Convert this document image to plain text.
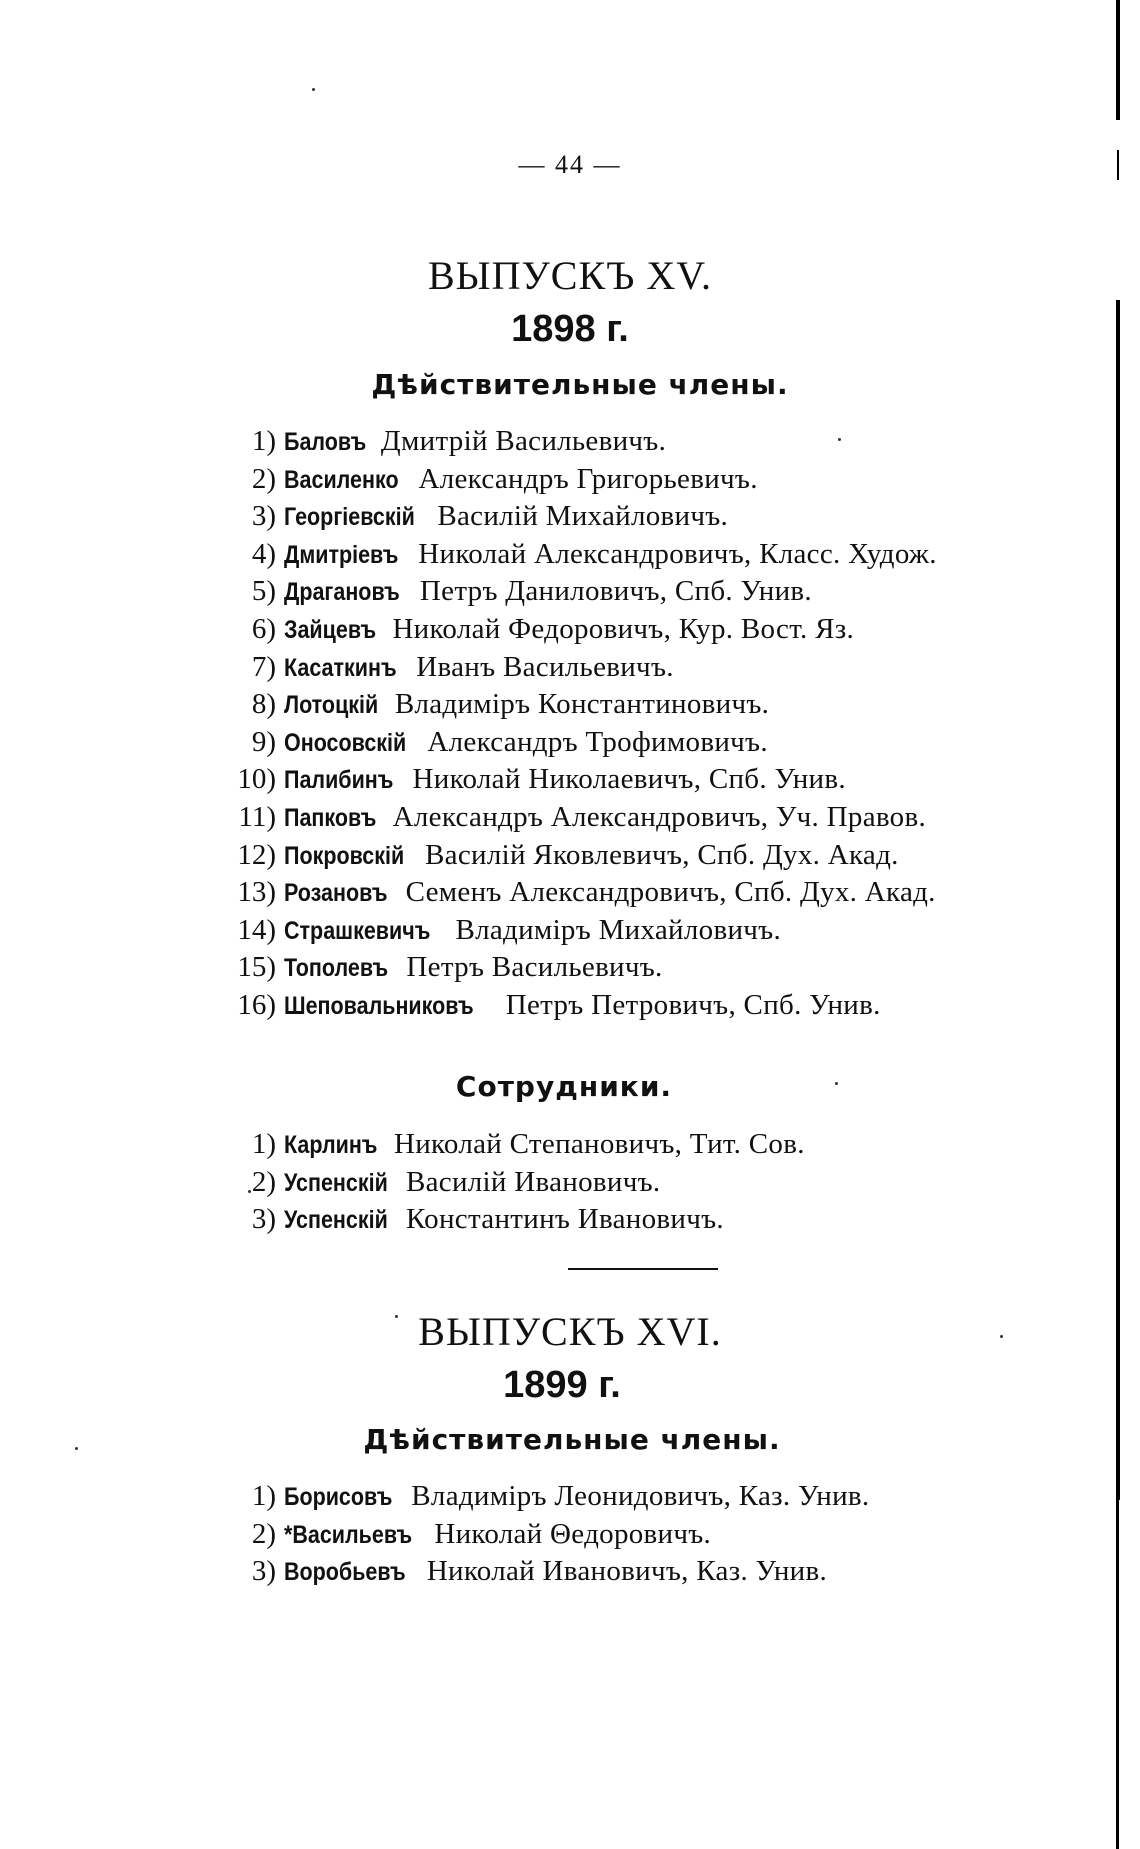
— 44 —
ВЫПУСКЪ XV.
1898 г.
Дѣйствительные члены.
1) Баловъ Дмитрій Васильевичъ.
2) Василенко Александръ Григорьевичъ.
3) Георгіевскій Василій Михайловичъ.
4) Дмитріевъ Николай Александровичъ, Класс. Худож.
5) Драгановъ Петръ Даниловичъ, Спб. Унив.
6) Зайцевъ Николай Федоровичъ, Кур. Вост. Яз.
7) Касаткинъ Иванъ Васильевичъ.
8) Лотоцкій Владиміръ Константиновичъ.
9) Оносовскій Александръ Трофимовичъ.
10) Палибинъ Николай Николаевичъ, Спб. Унив.
11) Папковъ Александръ Александровичъ, Уч. Правов.
12) Покровскій Василій Яковлевичъ, Спб. Дух. Акад.
13) Розановъ Семенъ Александровичъ, Спб. Дух. Акад.
14) Страшкевичъ Владиміръ Михайловичъ.
15) Тополевъ Петръ Васильевичъ.
16) Шеповальниковъ Петръ Петровичъ, Спб. Унив.
Сотрудники.
1) Карлинъ Николай Степановичъ, Тит. Сов.
2) Успенскій Василій Ивановичъ.
3) Успенскій Константинъ Ивановичъ.
ВЫПУСКЪ XVI.
1899 г.
Дѣйствительные члены.
1) Борисовъ Владиміръ Леонидовичъ, Каз. Унив.
2) *Васильевъ Николай Θедоровичъ.
3) Воробьевъ Николай Ивановичъ, Каз. Унив.
